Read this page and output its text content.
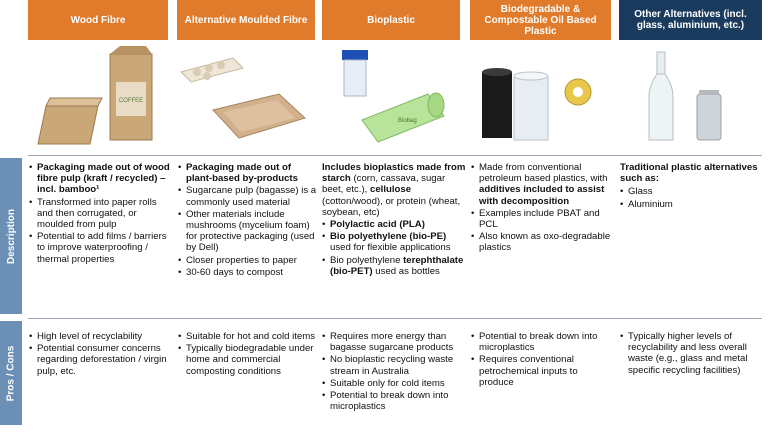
Wood Fibre	Alternative Moulded Fibre	Bioplastic
Biodegradable & Compostable Oil Based Plastic
Other Alternatives (incl. glass, aluminium, etc.)
COFFEE
Biobag
Description
Pros / Cons
• Packaging made out of wood fibre pulp (kraft / recycled) – incl. bamboo¹
• Transformed into paper rolls and then corrugated, or moulded from pulp
• Potential to add films / barriers to improve waterproofing / thermal properties
• Packaging made out of plant-based by-products
• Sugarcane pulp (bagasse) is a commonly used material
• Other materials include mushrooms (mycelium foam) for protective packaging (used by Dell)
• Closer properties to paper
• 30-60 days to compost
Includes bioplastics made from starch (corn, cassava, sugar beet, etc.), cellulose (cotton/wood), or protein (wheat, soybean, etc)
• Polylactic acid (PLA)
• Bio polyethylene (bio-PE) used for flexible applications
• Bio polyethylene terephthalate (bio-PET) used as bottles
• Made from conventional petroleum based plastics, with additives included to assist with decomposition
• Examples include PBAT and PCL
• Also known as oxo-degradable plastics
Traditional plastic alternatives such as:
• Glass
• Aluminium
• High level of recyclability
• Potential consumer concerns regarding deforestation / virgin pulp, etc.
• Suitable for hot and cold items
• Typically biodegradable under home and commercial composting conditions
• Requires more energy than bagasse sugarcane products
• No bioplastic recycling waste stream in Australia
• Suitable only for cold items
• Potential to break down into microplastics
• Potential to break down into microplastics
• Requires conventional petrochemical inputs to produce
• Typically higher levels of recyclability and less overall waste (e.g., glass and metal specific recycling facilities)
